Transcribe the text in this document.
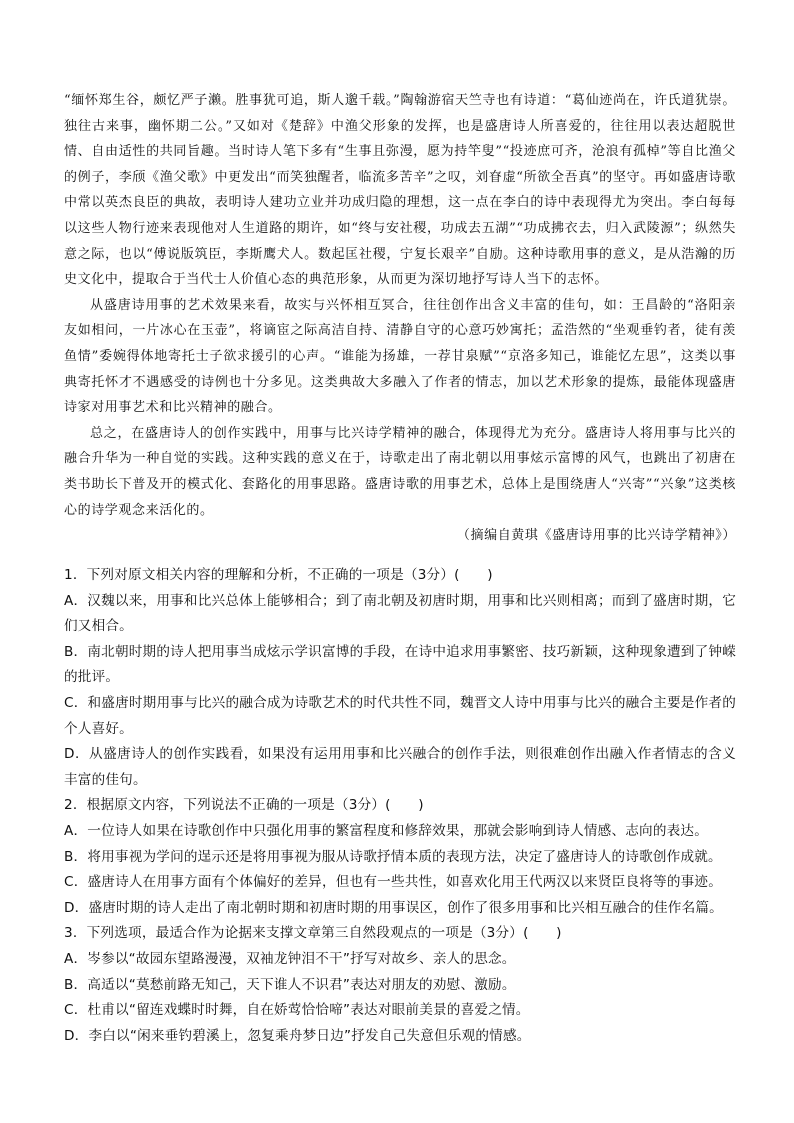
“缅怀郑生谷，颇忆严子濑。胜事犹可追，斯人邈千载。”陶翰游宿天竺寺也有诗道：“葛仙迹尚在，许氏道犹崇。独往古来事，幽怀期二公。”又如对《楚辞》中渔父形象的发挥，也是盛唐诗人所喜爱的，往往用以表达超脱世情、自由适性的共同旨趣。当时诗人笔下多有“生事且弥漫，愿为持竿叟”“投迹庶可齐，沧浪有孤棹”等自比渔父的例子，李颀《渔父歌》中更发出“而笑独醒者，临流多苦辛”之叹，刘眘虚“所欲全吾真”的坚守。再如盛唐诗歌中常以英杰良臣的典故，表明诗人建功立业并功成归隐的理想，这一点在李白的诗中表现得尤为突出。李白每每以这些人物行迹来表现他对人生道路的期许，如“终与安社稷，功成去五湖”“功成拂衣去，归入武陵源”；纵然失意之际，也以“傅说版筑臣，李斯鹰犬人。数起匡社稷，宁复长艰辛”自励。这种诗歌用事的意义，是从浩瀚的历史文化中，提取合于当代士人价值心态的典范形象，从而更为深切地抒写诗人当下的志怀。

从盛唐诗用事的艺术效果来看，故实与兴怀相互冥合，往往创作出含义丰富的佳句，如：王昌龄的“洛阳亲友如相问，一片冰心在玉壶”，将谪宦之际高洁自持、清静自守的心意巧妙寓托；孟浩然的“坐观垂钓者，徒有羡鱼情”委婉得体地寄托士子欲求援引的心声。“谁能为扬雄，一荐甘泉赋”“京洛多知己，谁能忆左思”，这类以事典寄托怀才不遇感受的诗例也十分多见。这类典故大多融入了作者的情志，加以艺术形象的提炼，最能体现盛唐诗家对用事艺术和比兴精神的融合。

总之，在盛唐诗人的创作实践中，用事与比兴诗学精神的融合，体现得尤为充分。盛唐诗人将用事与比兴的融合升华为一种自觉的实践。这种实践的意义在于，诗歌走出了南北朝以用事炫示富博的风气，也跳出了初唐在类书助长下普及开的模式化、套路化的用事思路。盛唐诗歌的用事艺术，总体上是围绕唐人“兴寄”“兴象”这类核心的诗学观念来活化的。

（摘编自黄琪《盛唐诗用事的比兴诗学精神》）

1．下列对原文相关内容的理解和分析，不正确的一项是（3分）(　　)

A．汉魏以来，用事和比兴总体上能够相合；到了南北朝及初唐时期，用事和比兴则相离；而到了盛唐时期，它们又相合。

B．南北朝时期的诗人把用事当成炫示学识富博的手段，在诗中追求用事繁密、技巧新颖，这种现象遭到了钟嵘的批评。

C．和盛唐时期用事与比兴的融合成为诗歌艺术的时代共性不同，魏晋文人诗中用事与比兴的融合主要是作者的个人喜好。

D．从盛唐诗人的创作实践看，如果没有运用用事和比兴融合的创作手法，则很难创作出融入作者情志的含义丰富的佳句。

2．根据原文内容，下列说法不正确的一项是（3分）(　　)

A．一位诗人如果在诗歌创作中只强化用事的繁富程度和修辞效果，那就会影响到诗人情感、志向的表达。

B．将用事视为学问的逞示还是将用事视为服从诗歌抒情本质的表现方法，决定了盛唐诗人的诗歌创作成就。

C．盛唐诗人在用事方面有个体偏好的差异，但也有一些共性，如喜欢化用王代两汉以来贤臣良将等的事迹。

D．盛唐时期的诗人走出了南北朝时期和初唐时期的用事误区，创作了很多用事和比兴相互融合的佳作名篇。

3．下列选项，最适合作为论据来支撑文章第三自然段观点的一项是（3分）(　　)

A．岑参以“故园东望路漫漫，双袖龙钟泪不干”抒写对故乡、亲人的思念。

B．高适以“莫愁前路无知己，天下谁人不识君”表达对朋友的劝慰、激励。

C．杜甫以“留连戏蝶时时舞，自在娇莺恰恰啼”表达对眼前美景的喜爱之情。

D．李白以“闲来垂钓碧溪上，忽复乘舟梦日边”抒发自己失意但乐观的情感。
